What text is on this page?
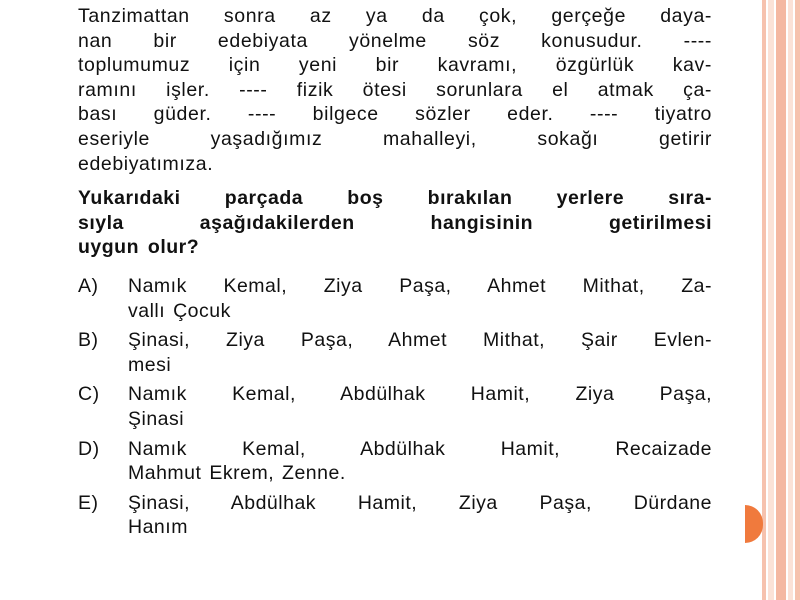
Tanzimattan sonra az ya da çok, gerçeğe daya-

nan bir edebiyata yönelme söz konusudur. ----

toplumumuz için yeni bir kavramı, özgürlük kav-

ramını işler. ---- fizik ötesi sorunlara el atmak ça-

bası güder. ---- bilgece sözler eder. ---- tiyatro

eseriyle yaşadığımız mahalleyi, sokağı getirir

edebiyatımıza.

Yukarıdaki parçada boş bırakılan yerlere sıra-

sıyla aşağıdakilerden hangisinin getirilmesi

uygun olur?

A)	Namık Kemal, Ziya Paşa, Ahmet Mithat, Za-

vallı Çocuk

B)	Şinasi, Ziya Paşa, Ahmet Mithat, Şair Evlen-

mesi

C)	Namık Kemal, Abdülhak Hamit, Ziya Paşa,

Şinasi

D)	Namık Kemal, Abdülhak Hamit, Recaizade

Mahmut Ekrem, Zenne.

E)	Şinasi, Abdülhak Hamit, Ziya Paşa, Dürdane

Hanım
